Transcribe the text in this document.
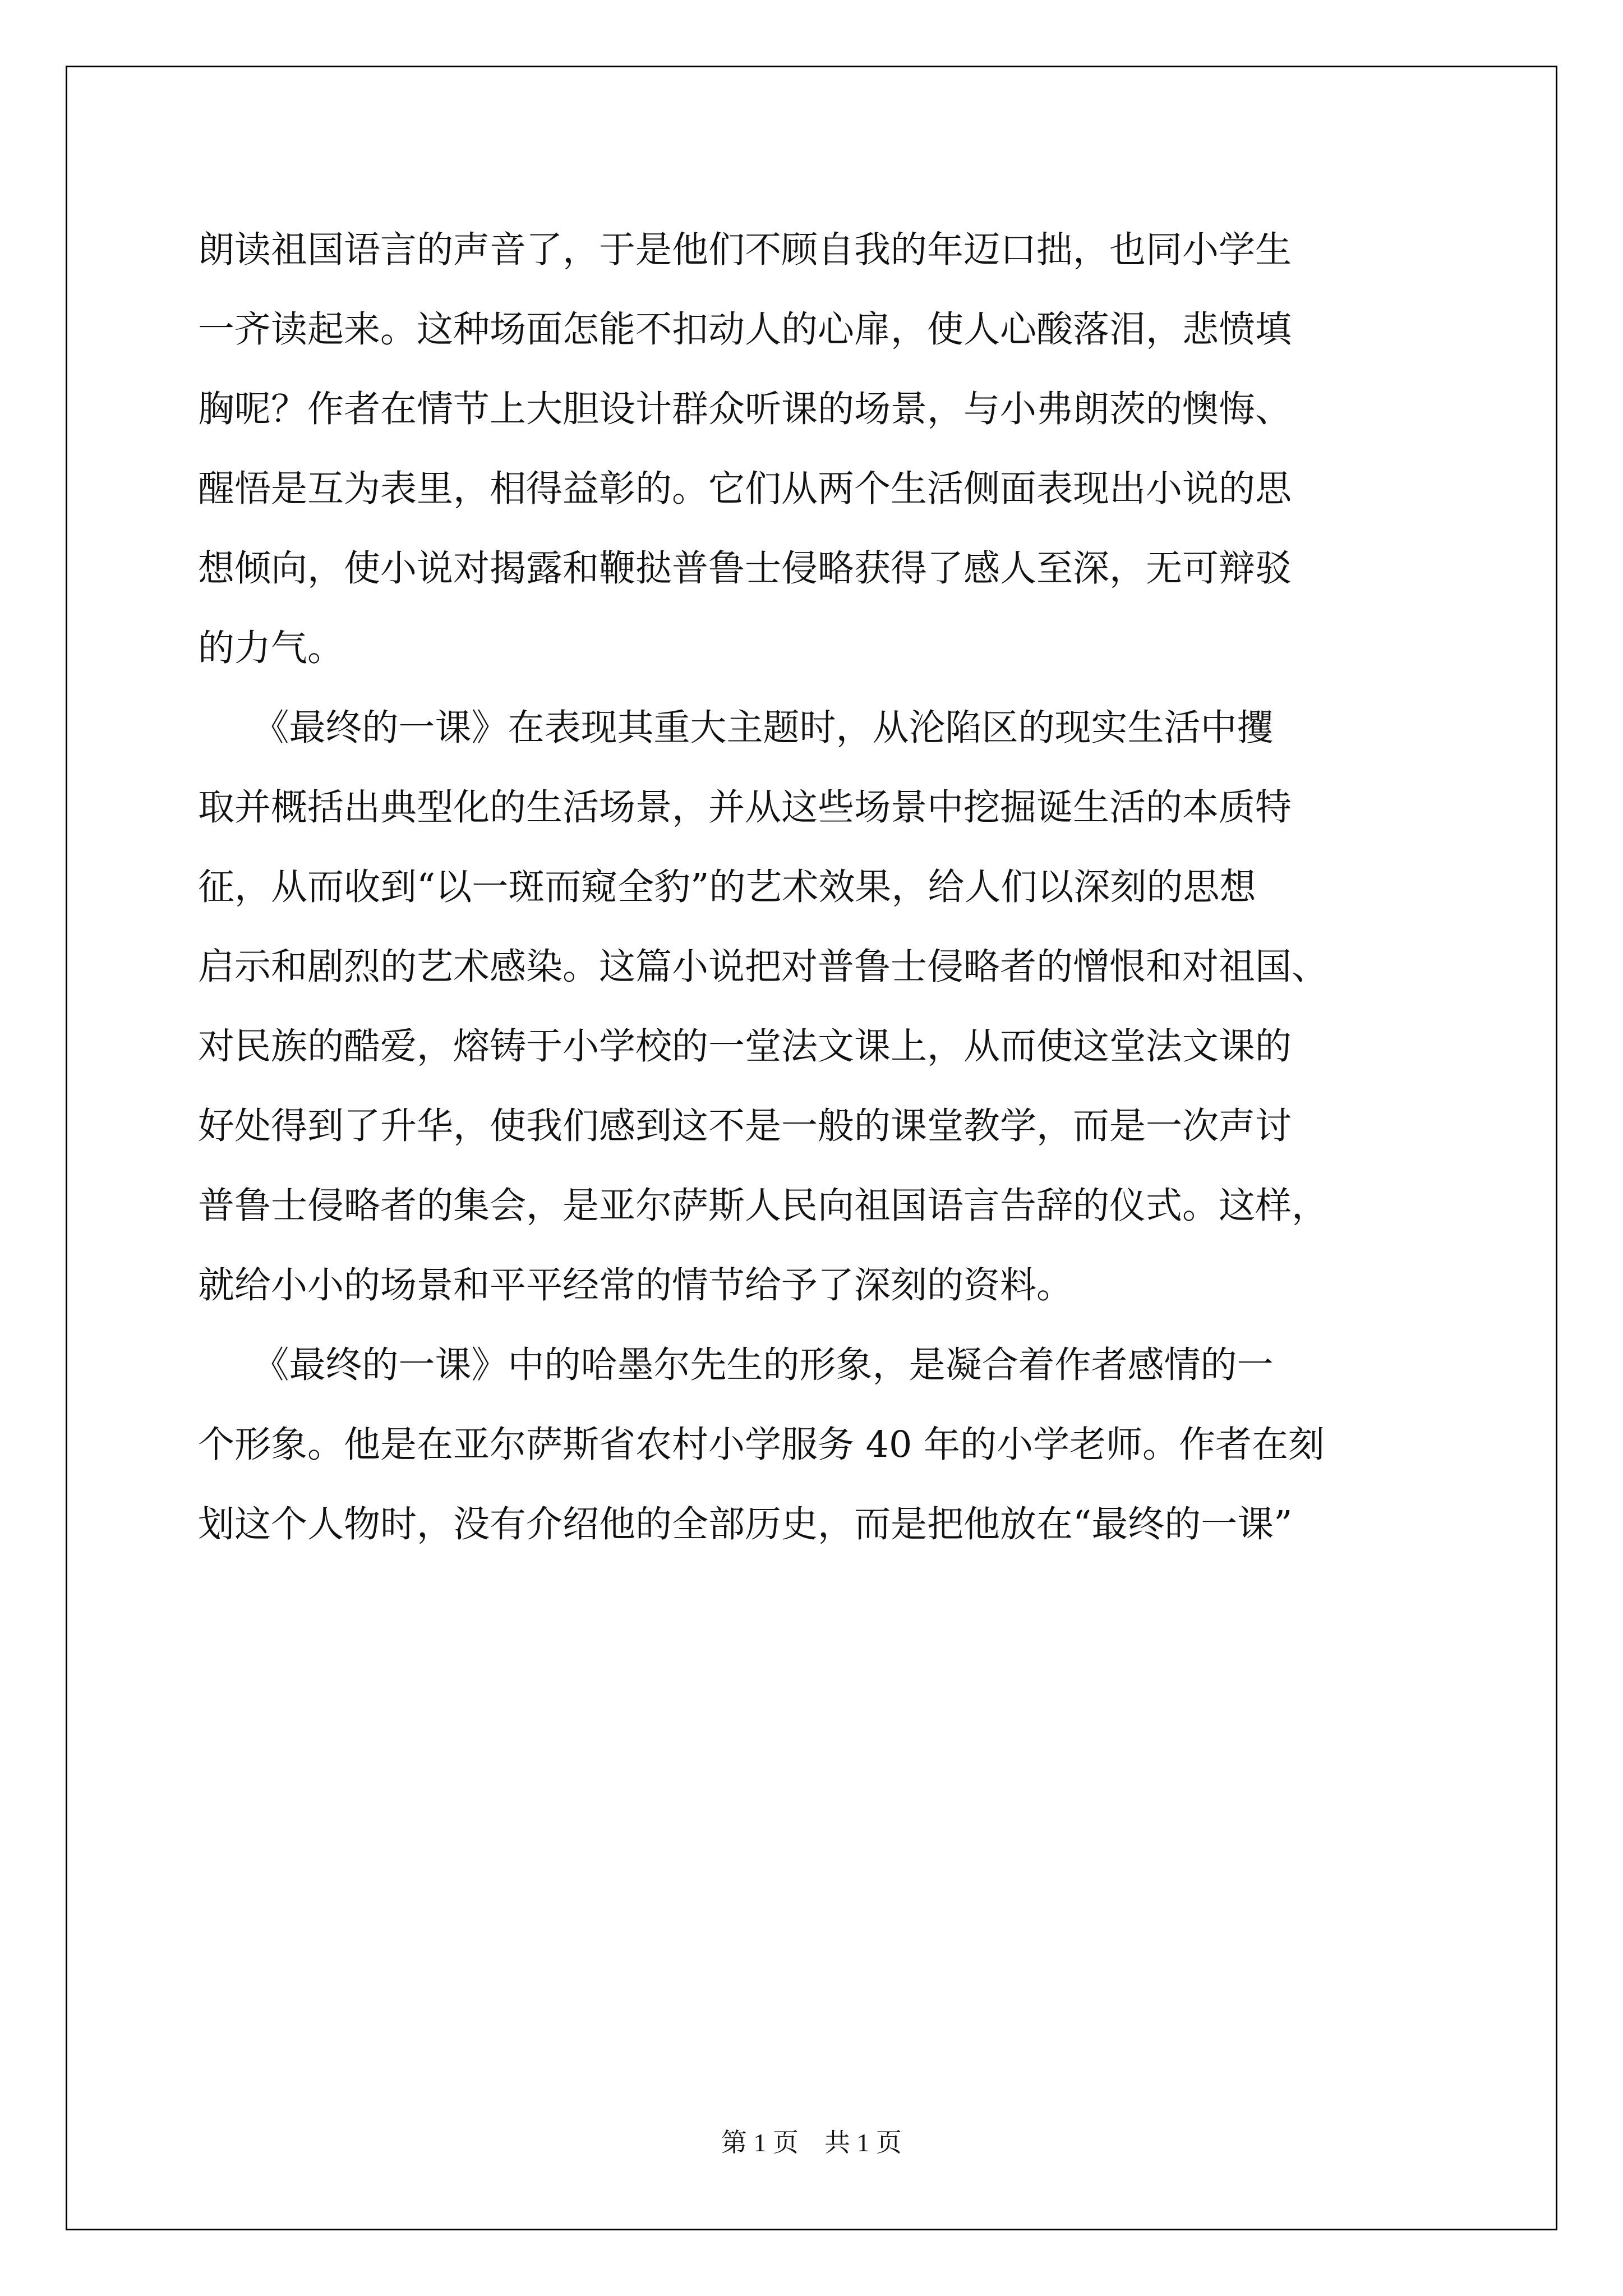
朗读祖国语言的声音了，于是他们不顾自我的年迈口拙，也同小学生
一齐读起来。这种场面怎能不扣动人的心扉，使人心酸落泪，悲愤填
胸呢？作者在情节上大胆设计群众听课的场景，与小弗朗茨的懊悔、
醒悟是互为表里，相得益彰的。它们从两个生活侧面表现出小说的思
想倾向，使小说对揭露和鞭挞普鲁士侵略获得了感人至深，无可辩驳
的力气。
　　《最终的一课》在表现其重大主题时，从沦陷区的现实生活中攫
取并概括出典型化的生活场景，并从这些场景中挖掘诞生活的本质特
征，从而收到“以一斑而窥全豹”的艺术效果，给人们以深刻的思想
启示和剧烈的艺术感染。这篇小说把对普鲁士侵略者的憎恨和对祖国、
对民族的酷爱，熔铸于小学校的一堂法文课上，从而使这堂法文课的
好处得到了升华，使我们感到这不是一般的课堂教学，而是一次声讨
普鲁士侵略者的集会，是亚尔萨斯人民向祖国语言告辞的仪式。这样，
就给小小的场景和平平经常的情节给予了深刻的资料。
　　《最终的一课》中的哈墨尔先生的形象，是凝合着作者感情的一
个形象。他是在亚尔萨斯省农村小学服务 40 年的小学老师。作者在刻
划这个人物时，没有介绍他的全部历史，而是把他放在“最终的一课”
第 1 页 共 1 页
